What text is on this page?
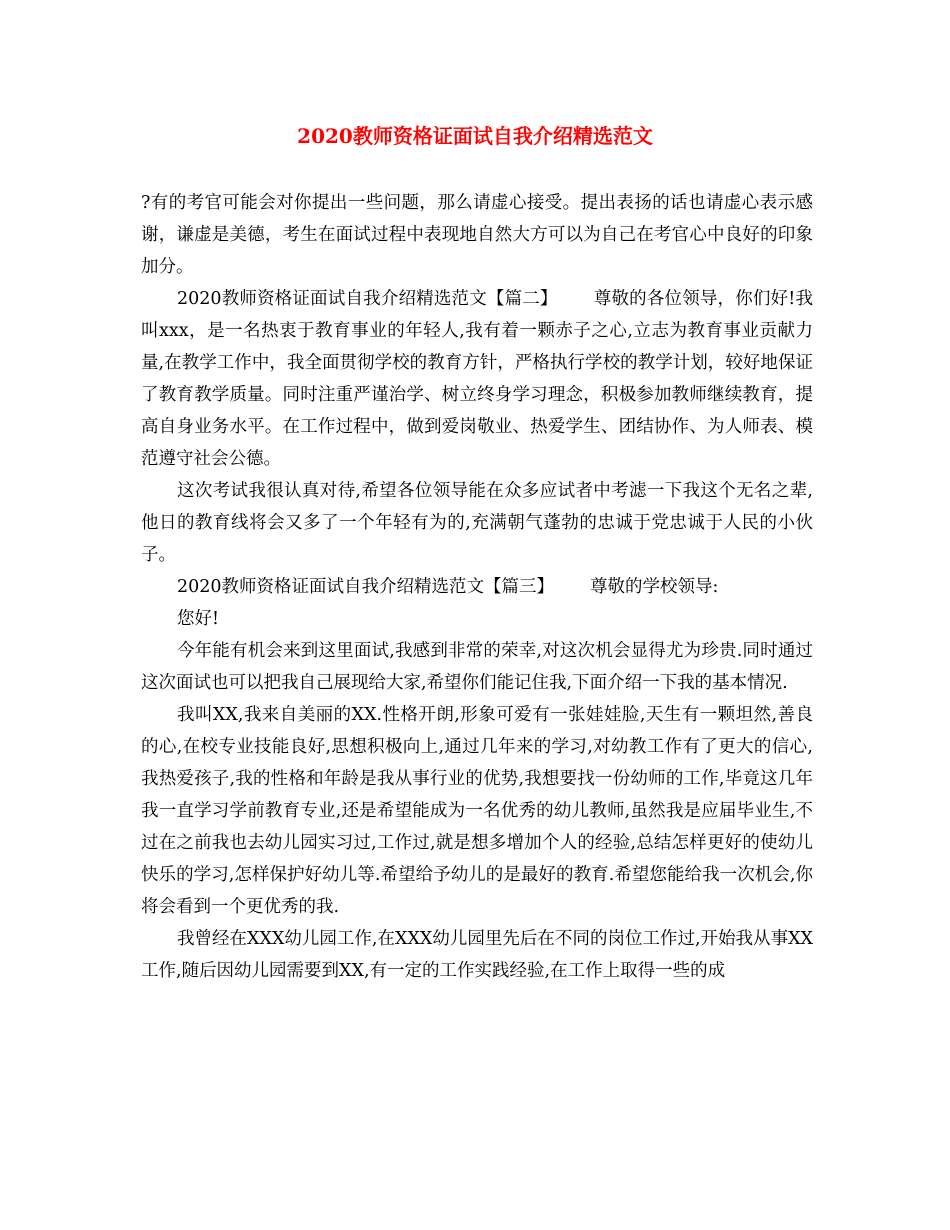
2020教师资格证面试自我介绍精选范文

?有的考官可能会对你提出一些问题，那么请虚心接受。提出表扬的话也请虚心表示感谢，谦虚是美德，考生在面试过程中表现地自然大方可以为自己在考官心中良好的印象加分。

2020教师资格证面试自我介绍精选范文【篇二】 尊敬的各位领导，你们好!我叫xxx，是一名热衷于教育事业的年轻人,我有着一颗赤子之心,立志为教育事业贡献力量,在教学工作中，我全面贯彻学校的教育方针，严格执行学校的教学计划，较好地保证了教育教学质量。同时注重严谨治学、树立终身学习理念，积极参加教师继续教育，提高自身业务水平。在工作过程中，做到爱岗敬业、热爱学生、团结协作、为人师表、模范遵守社会公德。

这次考试我很认真对待,希望各位领导能在众多应试者中考滤一下我这个无名之辈,他日的教育线将会又多了一个年轻有为的,充满朝气蓬勃的忠诚于党忠诚于人民的小伙子。

2020教师资格证面试自我介绍精选范文【篇三】 尊敬的学校领导:

您好!

今年能有机会来到这里面试,我感到非常的荣幸,对这次机会显得尤为珍贵.同时通过这次面试也可以把我自己展现给大家,希望你们能记住我,下面介绍一下我的基本情况.

我叫XX,我来自美丽的XX.性格开朗,形象可爱有一张娃娃脸,天生有一颗坦然,善良的心,在校专业技能良好,思想积极向上,通过几年来的学习,对幼教工作有了更大的信心,我热爱孩子,我的性格和年龄是我从事行业的优势,我想要找一份幼师的工作,毕竟这几年我一直学习学前教育专业,还是希望能成为一名优秀的幼儿教师,虽然我是应届毕业生,不过在之前我也去幼儿园实习过,工作过,就是想多增加个人的经验,总结怎样更好的使幼儿快乐的学习,怎样保护好幼儿等.希望给予幼儿的是最好的教育.希望您能给我一次机会,你将会看到一个更优秀的我.

我曾经在XXX幼儿园工作,在XXX幼儿园里先后在不同的岗位工作过,开始我从事XX工作,随后因幼儿园需要到XX,有一定的工作实践经验,在工作上取得一些的成
